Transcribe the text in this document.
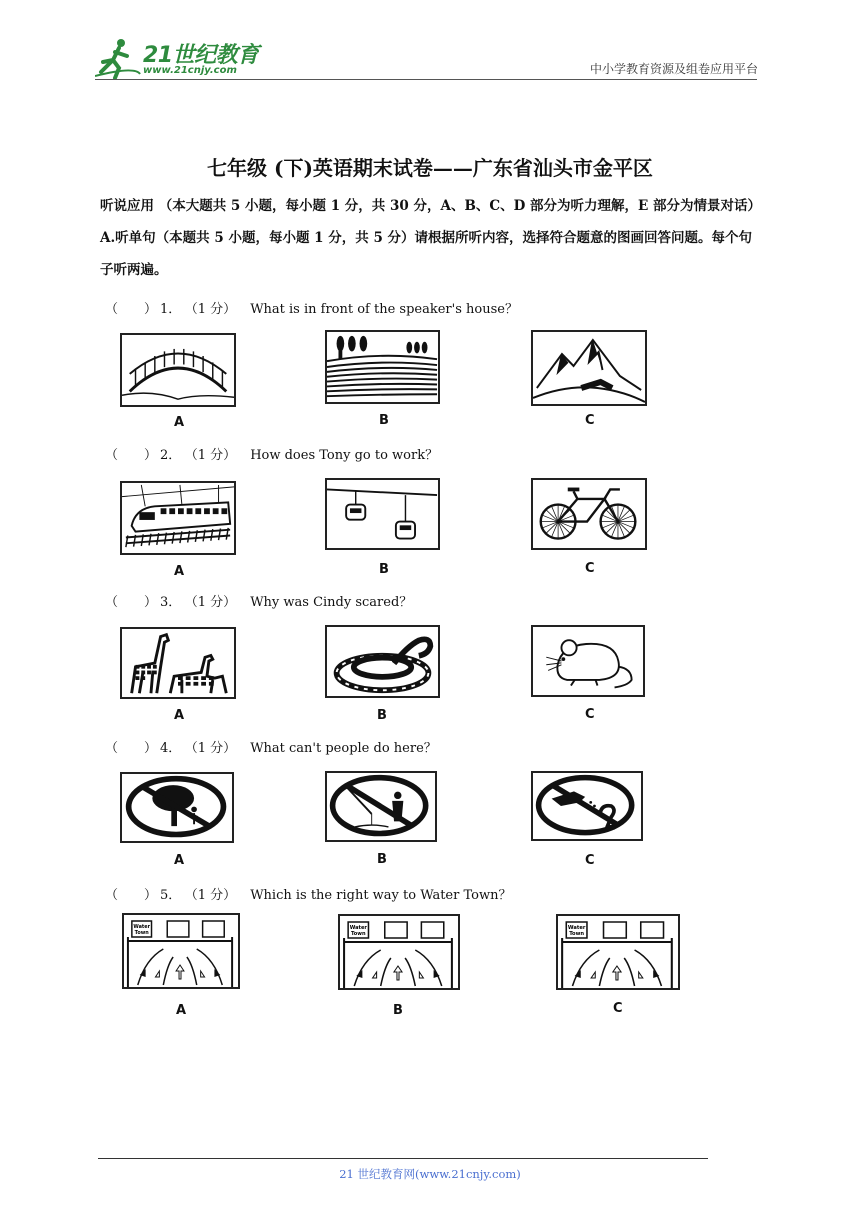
21世纪教育
www.21cnjy.com	中小学教育资源及组卷应用平台
七年级 (下)英语期末试卷——广东省汕头市金平区
听说应用 （本大题共 5 小题，每小题 1 分，共 30 分，A、B、C、D 部分为听力理解，E 部分为情景对话）A.听单句（本题共 5 小题，每小题 1 分，共 5 分）请根据所听内容，选择符合题意的图画回答问题。每个句子听两遍。
（　　） 1． （1 分） What is in front of the speaker's house？
A	B	C
（　　） 2． （1 分） How does Tony go to work？
A	B	C
（　　） 3． （1 分） Why was Cindy scared？
A	B	C
（　　） 4． （1 分） What can't people do here？
A	B	C
（　　） 5． （1 分） Which is the right way to Water Town？
Water
Town
A
Water
Town
B
Water
Town
C
21 世纪教育网(www.21cnjy.com)
